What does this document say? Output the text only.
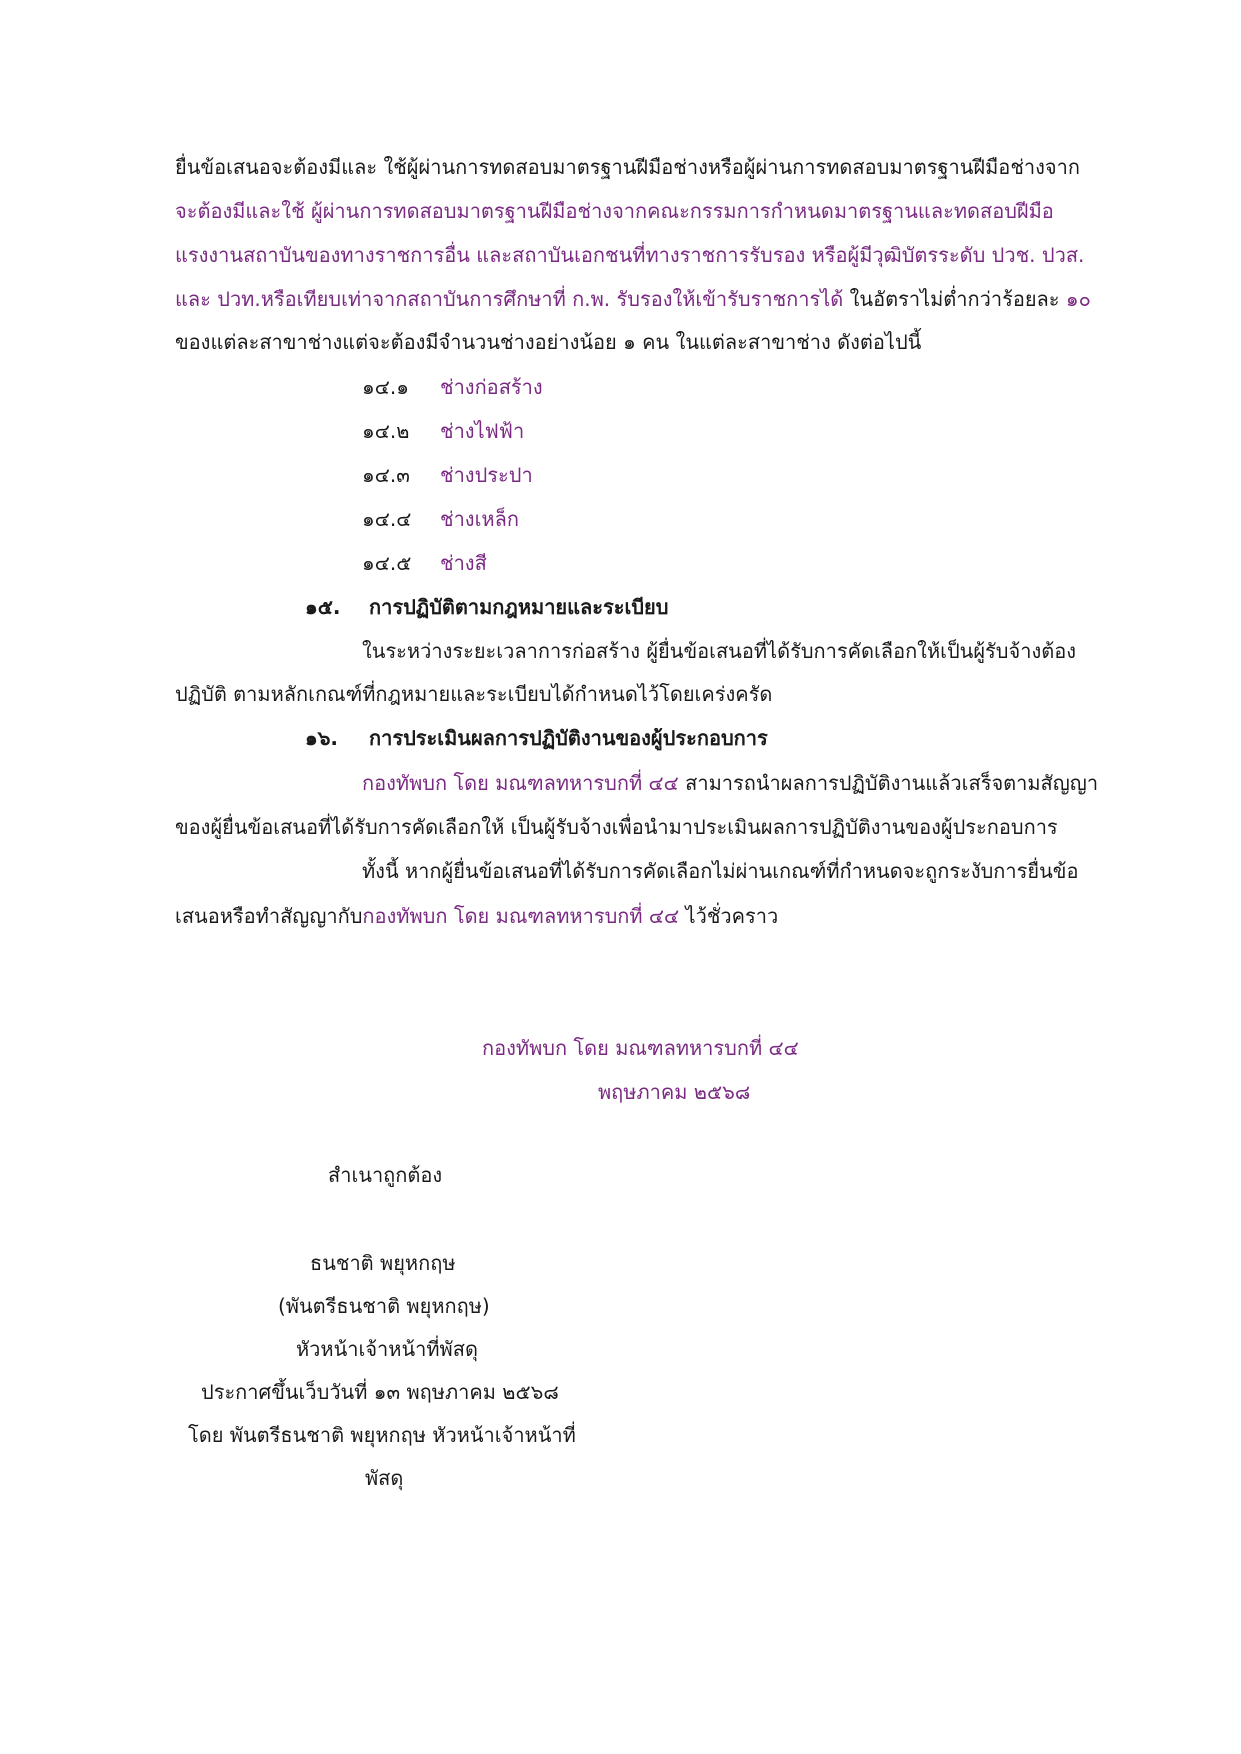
ยื่นข้อเสนอจะต้องมีและ ใช้ผู้ผ่านการทดสอบมาตรฐานฝีมือช่างหรือผู้ผ่านการทดสอบมาตรฐานฝีมือช่างจาก
จะต้องมีและใช้ ผู้ผ่านการทดสอบมาตรฐานฝีมือช่างจากคณะกรรมการกำหนดมาตรฐานและทดสอบฝีมือ
แรงงานสถาบันของทางราชการอื่น และสถาบันเอกชนที่ทางราชการรับรอง หรือผู้มีวุฒิบัตรระดับ ปวช. ปวส.
และ ปวท.หรือเทียบเท่าจากสถาบันการศึกษาที่ ก.พ. รับรองให้เข้ารับราชการได้ ในอัตราไม่ต่ำกว่าร้อยละ ๑๐
ของแต่ละสาขาช่างแต่จะต้องมีจำนวนช่างอย่างน้อย ๑ คน ในแต่ละสาขาช่าง ดังต่อไปนี้
๑๔.๑ ช่างก่อสร้าง
๑๔.๒ ช่างไฟฟ้า
๑๔.๓ ช่างประปา
๑๔.๔ ช่างเหล็ก
๑๔.๕ ช่างสี
๑๕. การปฏิบัติตามกฎหมายและระเบียบ
ในระหว่างระยะเวลาการก่อสร้าง ผู้ยื่นข้อเสนอที่ได้รับการคัดเลือกให้เป็นผู้รับจ้างต้อง
ปฏิบัติ ตามหลักเกณฑ์ที่กฎหมายและระเบียบได้กำหนดไว้โดยเคร่งครัด
๑๖. การประเมินผลการปฏิบัติงานของผู้ประกอบการ
กองทัพบก โดย มณฑลทหารบกที่ ๔๔ สามารถนำผลการปฏิบัติงานแล้วเสร็จตามสัญญา
ของผู้ยื่นข้อเสนอที่ได้รับการคัดเลือกให้ เป็นผู้รับจ้างเพื่อนำมาประเมินผลการปฏิบัติงานของผู้ประกอบการ
ทั้งนี้ หากผู้ยื่นข้อเสนอที่ได้รับการคัดเลือกไม่ผ่านเกณฑ์ที่กำหนดจะถูกระงับการยื่นข้อ
เสนอหรือทำสัญญากับกองทัพบก โดย มณฑลทหารบกที่ ๔๔ ไว้ชั่วคราว
กองทัพบก โดย มณฑลทหารบกที่ ๔๔
พฤษภาคม ๒๕๖๘
สำเนาถูกต้อง
ธนชาติ พยุหกฤษ
(พันตรีธนชาติ พยุหกฤษ)
หัวหน้าเจ้าหน้าที่พัสดุ
ประกาศขึ้นเว็บวันที่ ๑๓ พฤษภาคม ๒๕๖๘
โดย พันตรีธนชาติ พยุหกฤษ หัวหน้าเจ้าหน้าที่
พัสดุ
